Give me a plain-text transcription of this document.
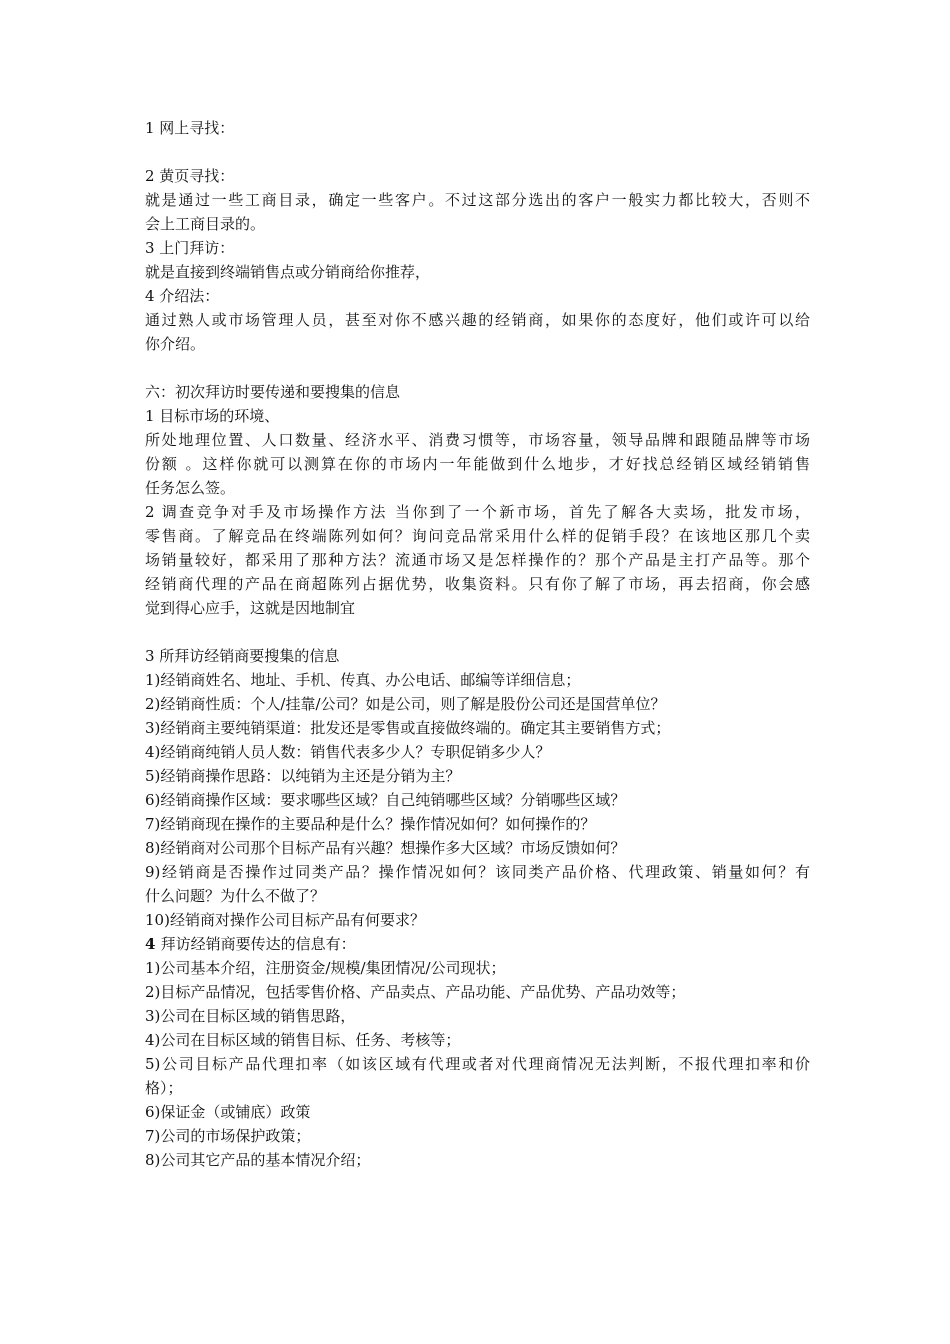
1 网上寻找：
2 黄页寻找：
就是通过一些工商目录，确定一些客户。不过这部分选出的客户一般实力都比较大，否则不
会上工商目录的。
3 上门拜访：
就是直接到终端销售点或分销商给你推荐，
4 介绍法：
通过熟人或市场管理人员，甚至对你不感兴趣的经销商，如果你的态度好，他们或许可以给
你介绍。
六：初次拜访时要传递和要搜集的信息
1 目标市场的环境、
所处地理位置、人口数量、经济水平、消费习惯等，市场容量，领导品牌和跟随品牌等市场
份额 。这样你就可以测算在你的市场内一年能做到什么地步，才好找总经销区域经销销售
任务怎么签。
2 调查竞争对手及市场操作方法 当你到了一个新市场，首先了解各大卖场，批发市场，
零售商。了解竞品在终端陈列如何？询问竞品常采用什么样的促销手段？在该地区那几个卖
场销量较好，都采用了那种方法？流通市场又是怎样操作的？那个产品是主打产品等。那个
经销商代理的产品在商超陈列占据优势，收集资料。只有你了解了市场，再去招商，你会感
觉到得心应手，这就是因地制宜
3 所拜访经销商要搜集的信息
1)经销商姓名、地址、手机、传真、办公电话、邮编等详细信息；
2)经销商性质：个人/挂靠/公司？如是公司，则了解是股份公司还是国营单位？
3)经销商主要纯销渠道：批发还是零售或直接做终端的。确定其主要销售方式；
4)经销商纯销人员人数：销售代表多少人？专职促销多少人？
5)经销商操作思路：以纯销为主还是分销为主？
6)经销商操作区域：要求哪些区域？自己纯销哪些区域？分销哪些区域？
7)经销商现在操作的主要品种是什么？操作情况如何？如何操作的？
8)经销商对公司那个目标产品有兴趣？想操作多大区域？市场反馈如何？
9)经销商是否操作过同类产品？操作情况如何？该同类产品价格、代理政策、销量如何？有
什么问题？为什么不做了？
10)经销商对操作公司目标产品有何要求？
4 拜访经销商要传达的信息有：
1)公司基本介绍，注册资金/规模/集团情况/公司现状；
2)目标产品情况，包括零售价格、产品卖点、产品功能、产品优势、产品功效等；
3)公司在目标区域的销售思路，
4)公司在目标区域的销售目标、任务、考核等；
5)公司目标产品代理扣率（如该区域有代理或者对代理商情况无法判断，不报代理扣率和价
格）；
6)保证金（或铺底）政策
7)公司的市场保护政策；
8)公司其它产品的基本情况介绍；
